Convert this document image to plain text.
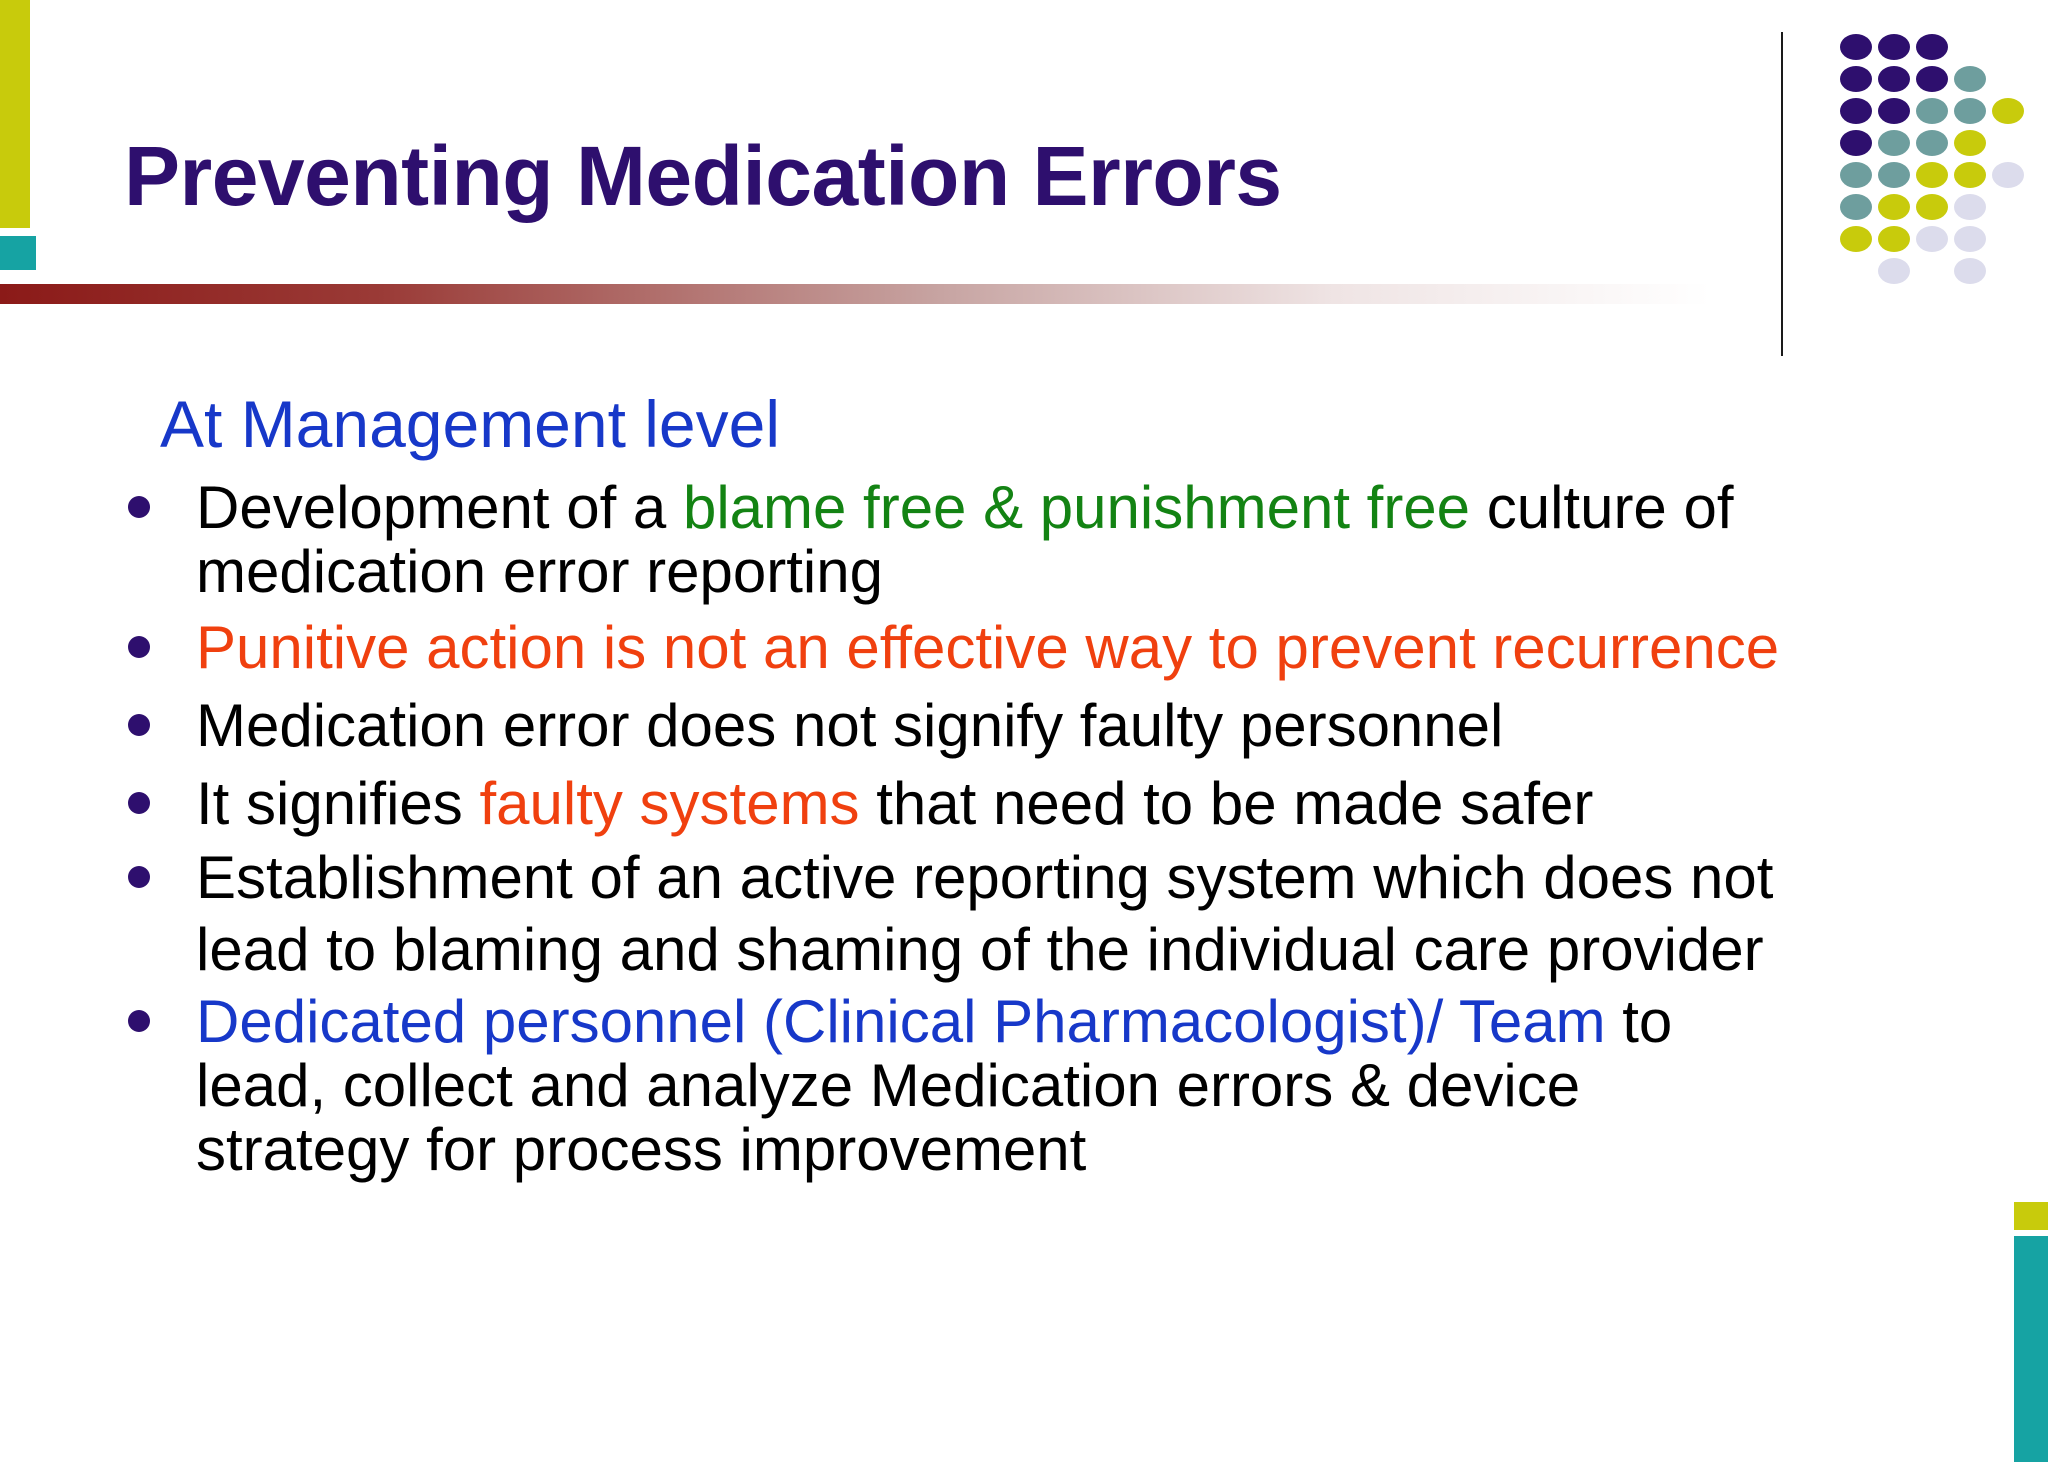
Preventing Medication Errors
At Management level
Development of a blame free & punishment free culture of
medication error reporting
Punitive action is not an effective way to prevent recurrence
Medication error does not signify faulty personnel
It signifies faulty systems that need to be made safer
Establishment of an active reporting system which does not
lead to blaming and shaming of the individual care provider
Dedicated personnel (Clinical Pharmacologist)/ Team to
lead, collect and analyze Medication errors & device
strategy for process improvement
